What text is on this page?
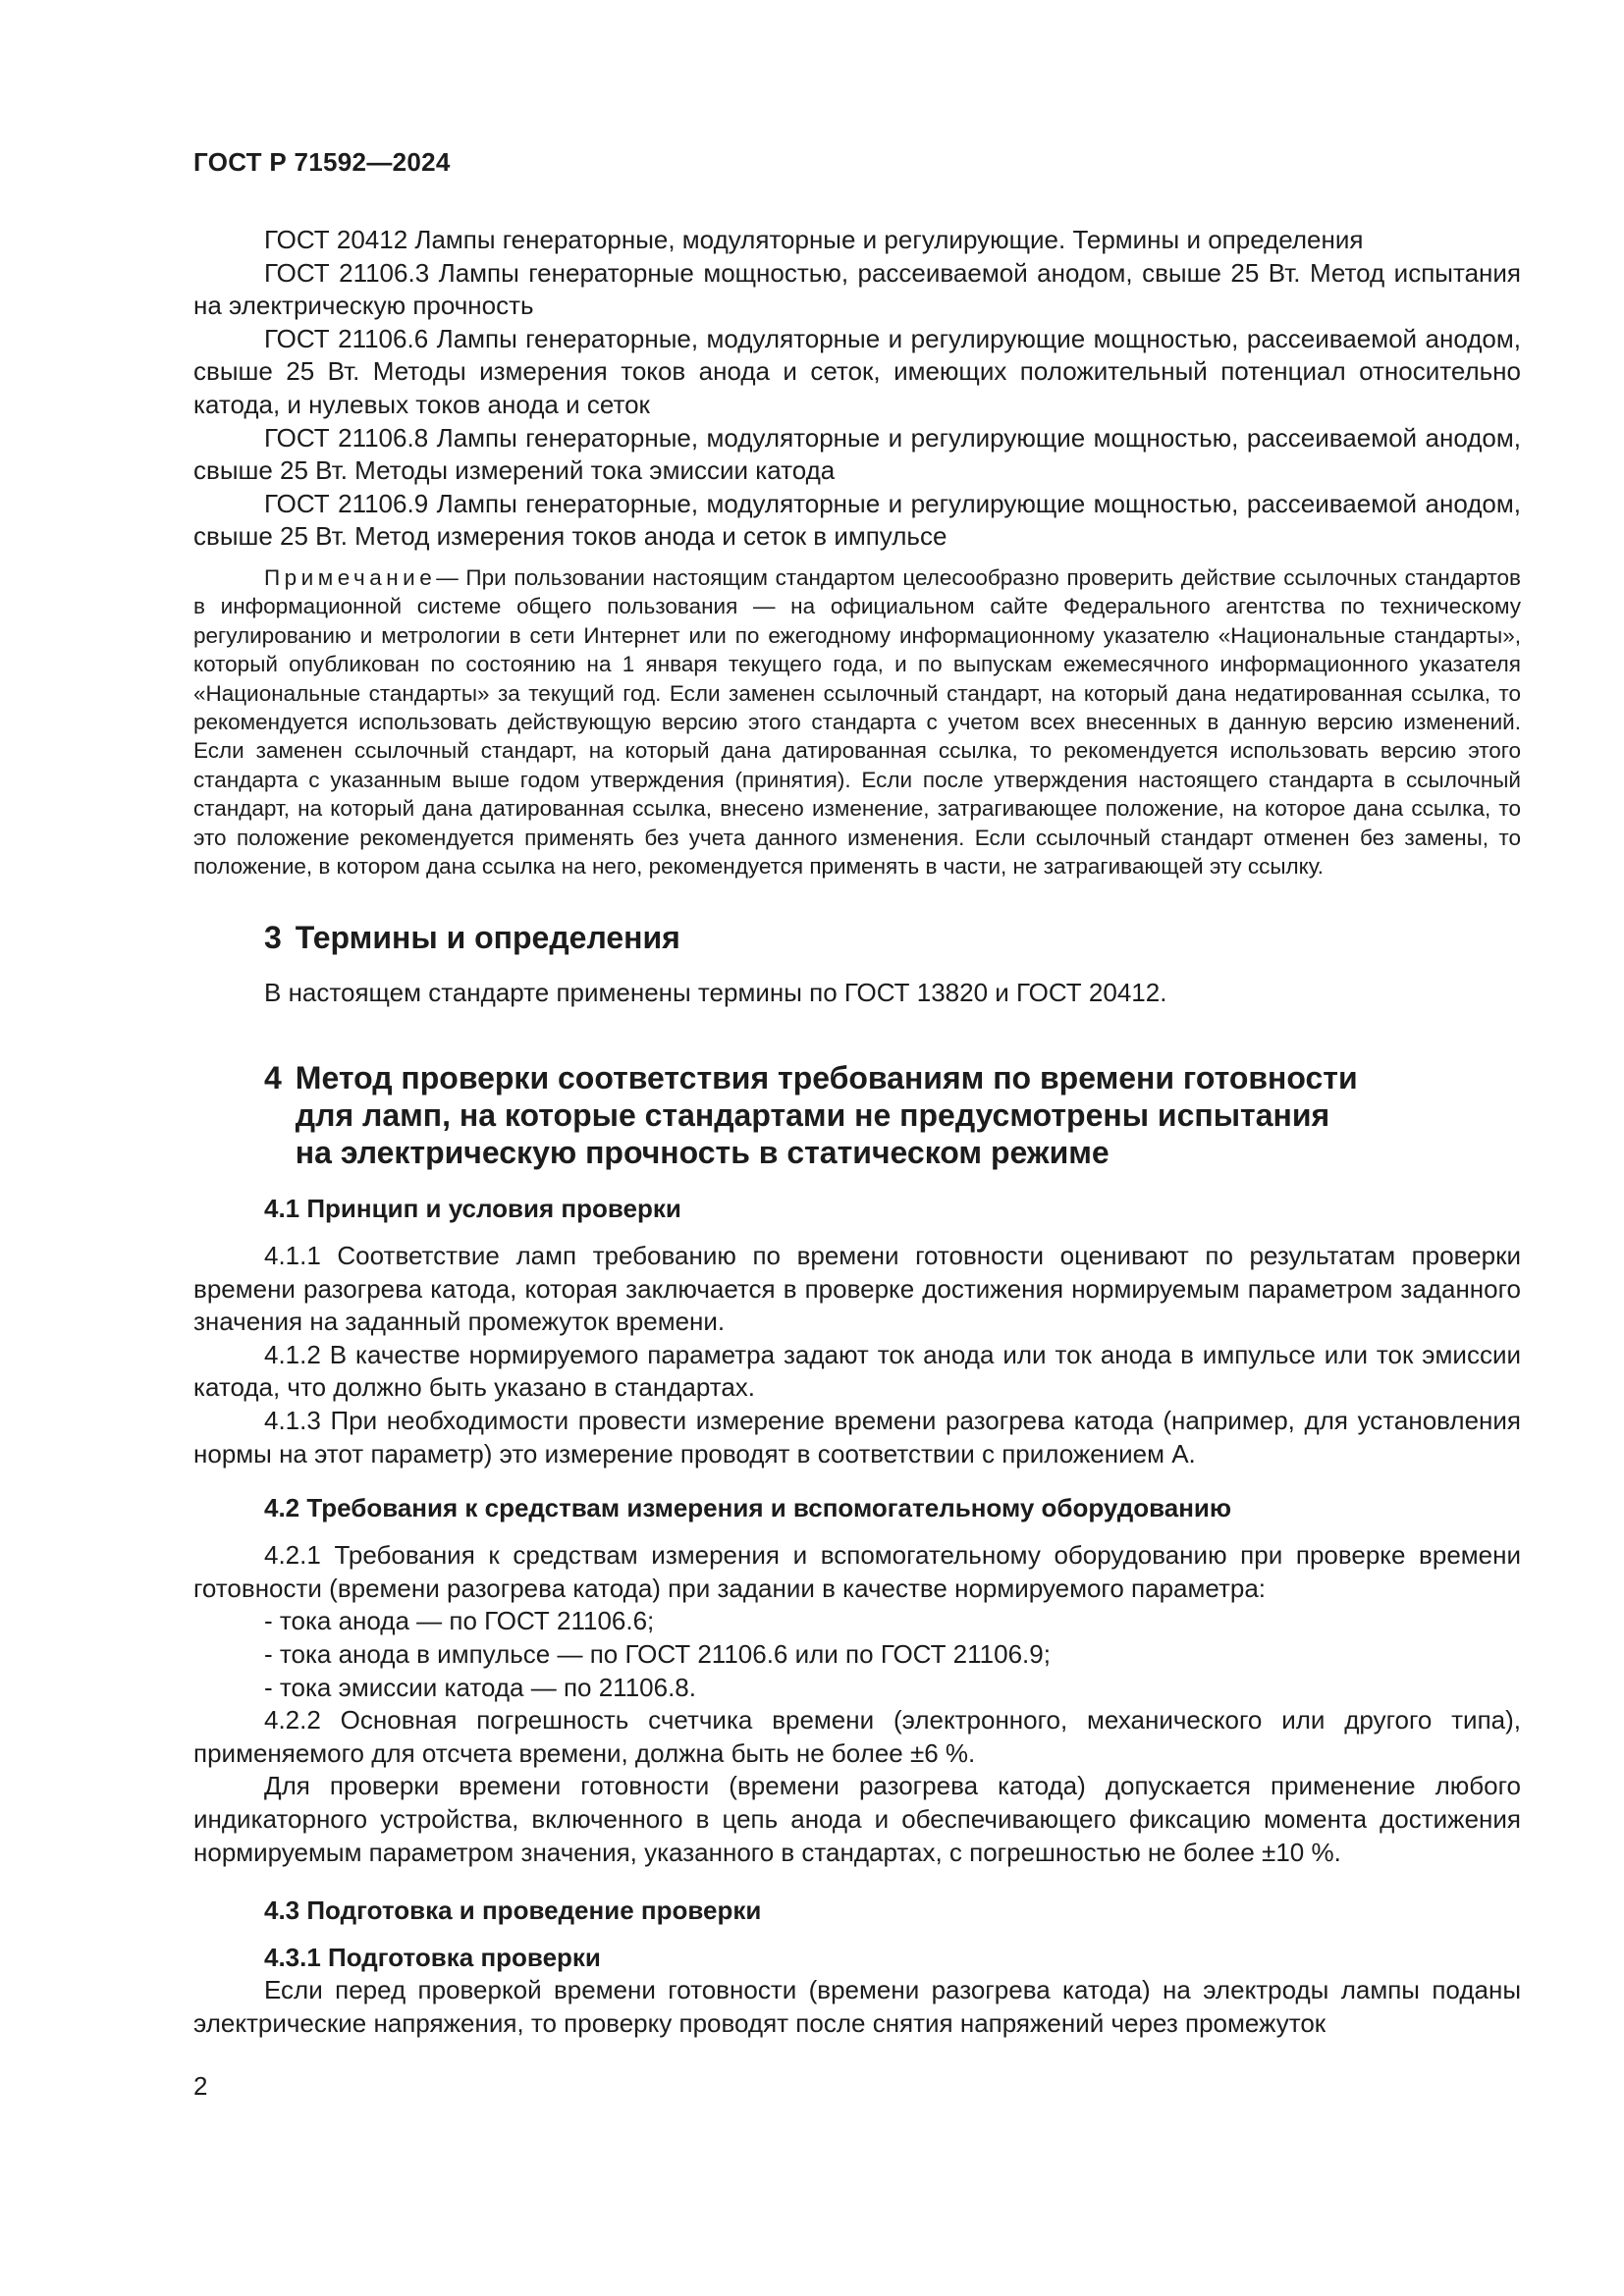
ГОСТ Р 71592—2024

ГОСТ 20412 Лампы генераторные, модуляторные и регулирующие. Термины и определения

ГОСТ 21106.3 Лампы генераторные мощностью, рассеиваемой анодом, свыше 25 Вт. Метод испытания на электрическую прочность

ГОСТ 21106.6 Лампы генераторные, модуляторные и регулирующие мощностью, рассеиваемой анодом, свыше 25 Вт. Методы измерения токов анода и сеток, имеющих положительный потенциал относительно катода, и нулевых токов анода и сеток

ГОСТ 21106.8 Лампы генераторные, модуляторные и регулирующие мощностью, рассеиваемой анодом, свыше 25 Вт. Методы измерений тока эмиссии катода

ГОСТ 21106.9 Лампы генераторные, модуляторные и регулирующие мощностью, рассеиваемой анодом, свыше 25 Вт. Метод измерения токов анода и сеток в импульсе

Примечание— При пользовании настоящим стандартом целесообразно проверить действие ссылочных стандартов в информационной системе общего пользования — на официальном сайте Федерального агентства по техническому регулированию и метрологии в сети Интернет или по ежегодному информационному указателю «Национальные стандарты», который опубликован по состоянию на 1 января текущего года, и по выпускам ежемесячного информационного указателя «Национальные стандарты» за текущий год. Если заменен ссылочный стандарт, на который дана недатированная ссылка, то рекомендуется использовать действующую версию этого стандарта с учетом всех внесенных в данную версию изменений. Если заменен ссылочный стандарт, на который дана датированная ссылка, то рекомендуется использовать версию этого стандарта с указанным выше годом утверждения (принятия). Если после утверждения настоящего стандарта в ссылочный стандарт, на который дана датированная ссылка, внесено изменение, затрагивающее положение, на которое дана ссылка, то это положение рекомендуется применять без учета данного изменения. Если ссылочный стандарт отменен без замены, то положение, в котором дана ссылка на него, рекомендуется применять в части, не затрагивающей эту ссылку.
3 Термины и определения

В настоящем стандарте применены термины по ГОСТ 13820 и ГОСТ 20412.

4 Метод проверки соответствия требованиям по времени готовности
для ламп, на которые стандартами не предусмотрены испытания
на электрическую прочность в статическом режиме
4.1 Принцип и условия проверки

4.1.1 Соответствие ламп требованию по времени готовности оценивают по результатам проверки времени разогрева катода, которая заключается в проверке достижения нормируемым параметром заданного значения на заданный промежуток времени.

4.1.2 В качестве нормируемого параметра задают ток анода или ток анода в импульсе или ток эмиссии катода, что должно быть указано в стандартах.

4.1.3 При необходимости провести измерение времени разогрева катода (например, для установления нормы на этот параметр) это измерение проводят в соответствии с приложением А.

4.2 Требования к средствам измерения и вспомогательному оборудованию

4.2.1 Требования к средствам измерения и вспомогательному оборудованию при проверке времени готовности (времени разогрева катода) при задании в качестве нормируемого параметра:

- тока анода — по ГОСТ 21106.6;

- тока анода в импульсе — по ГОСТ 21106.6 или по ГОСТ 21106.9;

- тока эмиссии катода — по 21106.8.

4.2.2 Основная погрешность счетчика времени (электронного, механического или другого типа), применяемого для отсчета времени, должна быть не более ±6 %.

Для проверки времени готовности (времени разогрева катода) допускается применение любого индикаторного устройства, включенного в цепь анода и обеспечивающего фиксацию момента достижения нормируемым параметром значения, указанного в стандартах, с погрешностью не более ±10 %.

4.3 Подготовка и проведение проверки
4.3.1 Подготовка проверки

Если перед проверкой времени готовности (времени разогрева катода) на электроды лампы поданы электрические напряжения, то проверку проводят после снятия напряжений через промежуток

2
